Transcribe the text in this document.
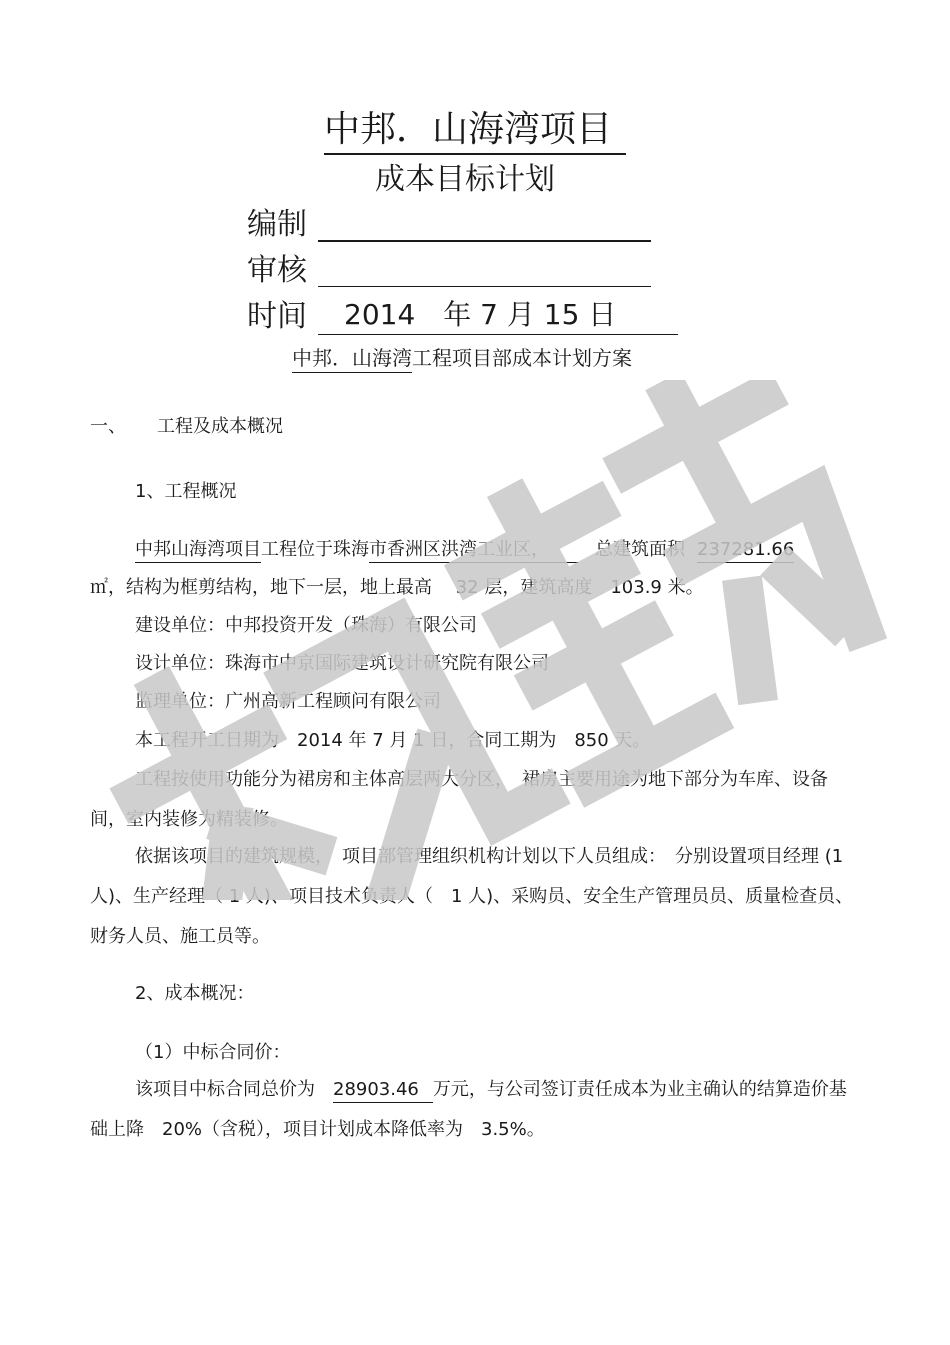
中邦．山海湾项目
成本目标计划
编制
审核
时间	2014　年 7 月 15 日
中邦．山海湾工程项目部成本计划方案
一、 工程及成本概况
1、工程概况
中邦山海湾项目工程位于珠海市香洲区洪湾工业区，	总建筑面积 237281.66
㎡，结构为框剪结构，地下一层，地上最高　 32 层，建筑高度　103.9 米。
建设单位：中邦投资开发（珠海）有限公司
设计单位：珠海市中京国际建筑设计研究院有限公司
监理单位：广州高新工程顾问有限公司
本工程开工日期为　2014 年 7 月 1 日，合同工期为　850 天。
工程按使用功能分为裙房和主体高层两大分区，　裙房主要用途为地下部分为车库、设备间，室内装修为精装修。
依据该项目的建筑规模，　项目部管理组织机构计划以下人员组成：　分别设置项目经理 (1　人)、生产经理（ 1 人)、项目技术负责人（　1 人)、采购员、安全生产管理员员、质量检查员、财务人员、施工员等。
2、成本概况：
（1）中标合同价：
该项目中标合同总价为　28903.46 万元，与公司签订责任成本为业主确认的结算造价基础上降　20%（含税），项目计划成本降低率为　3.5%。
